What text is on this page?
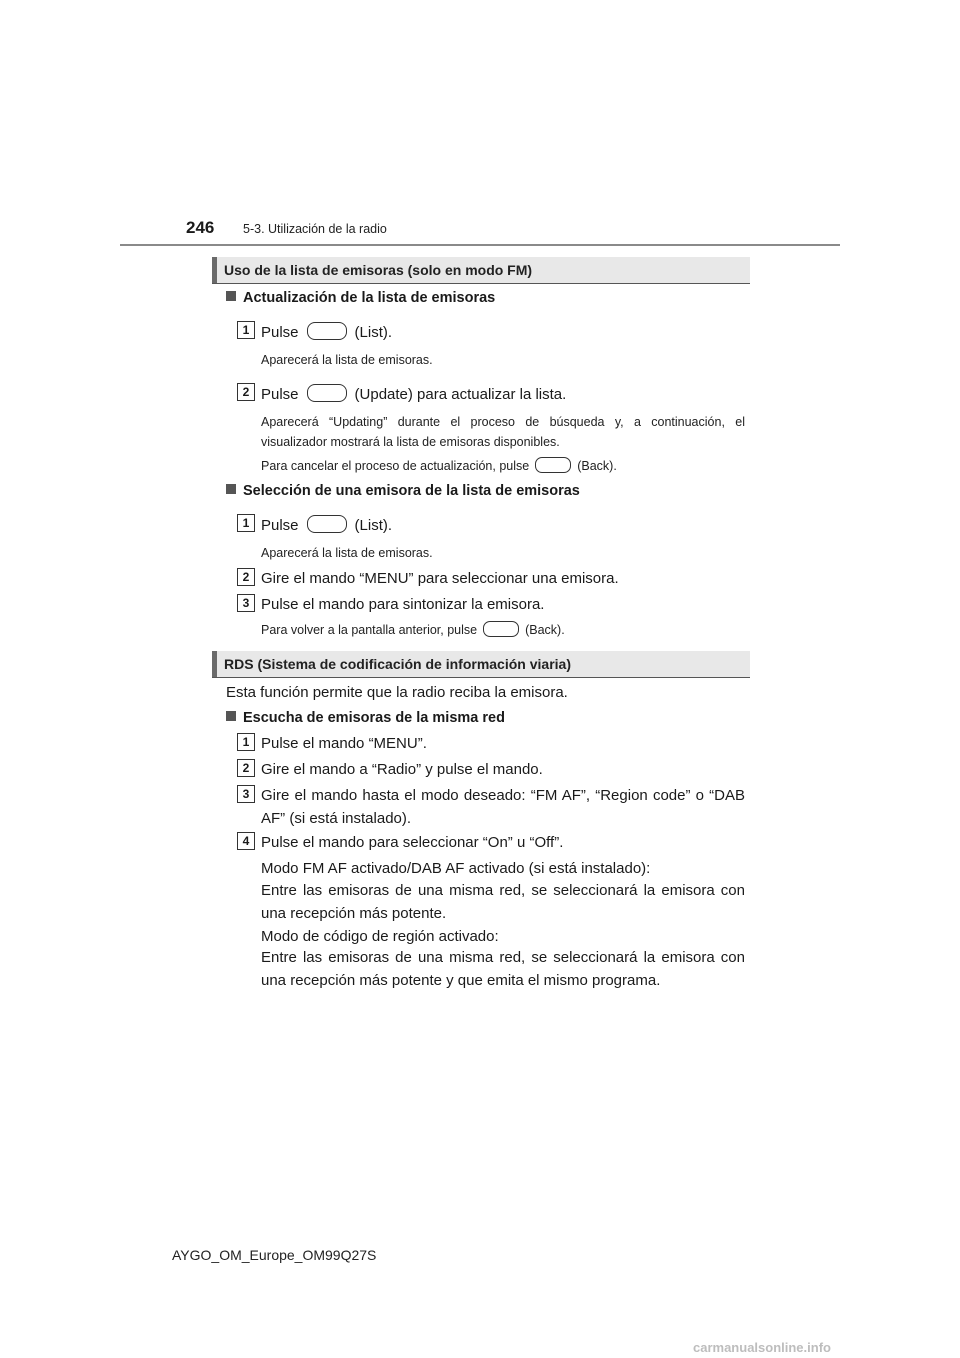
246 5-3. Utilización de la radio
Uso de la lista de emisoras (solo en modo FM)
Actualización de la lista de emisoras
1 Pulse	(List).
Aparecerá la lista de emisoras.
2 Pulse	(Update) para actualizar la lista.
Aparecerá “Updating” durante el proceso de búsqueda y, a continuación, el visualizador mostrará la lista de emisoras disponibles.
Para cancelar el proceso de actualización, pulse	(Back).
Selección de una emisora de la lista de emisoras
1 Pulse	(List).
Aparecerá la lista de emisoras.
2 Gire el mando “MENU” para seleccionar una emisora.
3 Pulse el mando para sintonizar la emisora.
Para volver a la pantalla anterior, pulse	(Back).
RDS (Sistema de codificación de información viaria)
Esta función permite que la radio reciba la emisora.
Escucha de emisoras de la misma red
1 Pulse el mando “MENU”.
2 Gire el mando a “Radio” y pulse el mando.
3 Gire el mando hasta el modo deseado: “FM AF”, “Region code” o “DAB AF” (si está instalado).
4 Pulse el mando para seleccionar “On” u “Off”.
Modo FM AF activado/DAB AF activado (si está instalado):
Entre las emisoras de una misma red, se seleccionará la emisora con una recepción más potente.
Modo de código de región activado:
Entre las emisoras de una misma red, se seleccionará la emisora con una recepción más potente y que emita el mismo programa.
AYGO_OM_Europe_OM99Q27S
carmanualsonline.info
